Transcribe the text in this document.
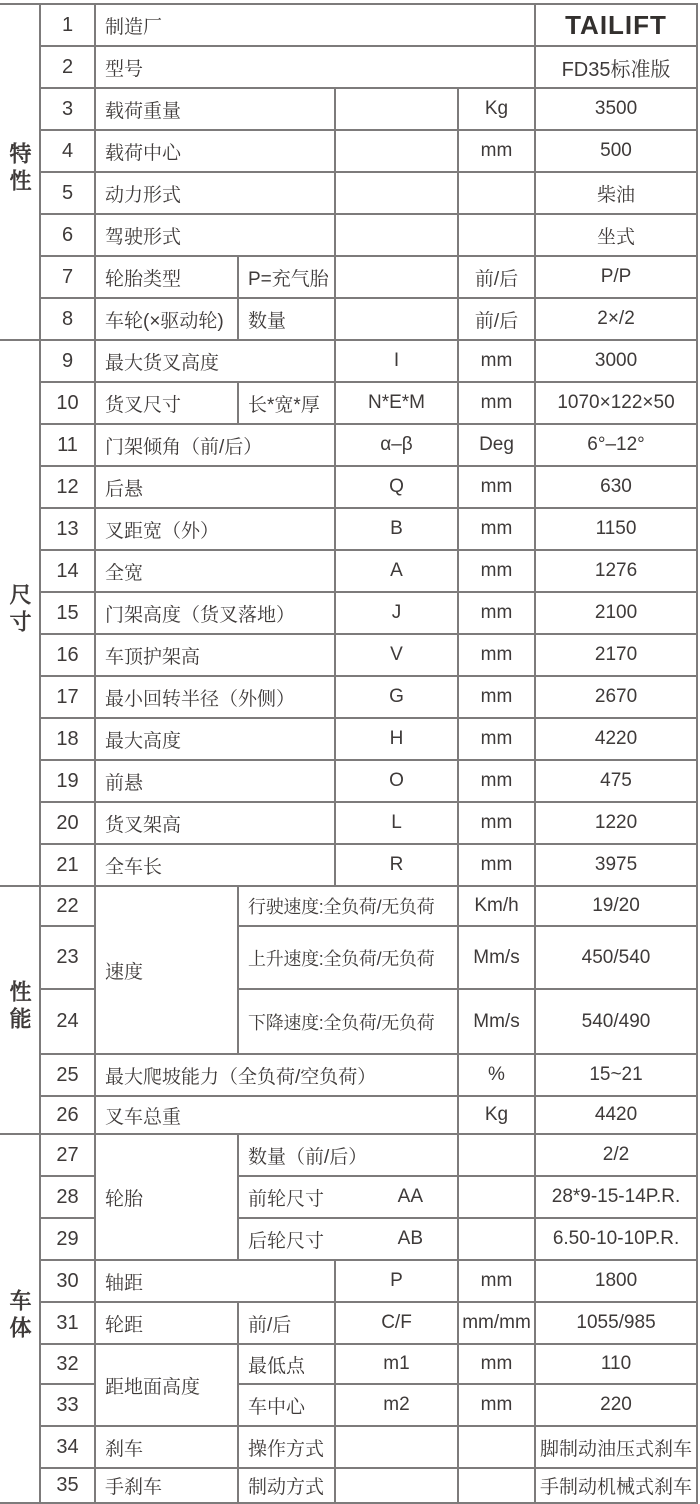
特性	1	制造厂				TAILIFT
	2	型号				FD35标准版
	3	载荷重量			Kg	3500
	4	载荷中心			mm	500
	5	动力形式				柴油
	6	驾驶形式				坐式
	7	轮胎类型	P=充气胎		前/后	P/P
	8	车轮(×驱动轮)	数量		前/后	2×/2
尺寸	9	最大货叉高度		I	mm	3000
	10	货叉尺寸	长*宽*厚	N*E*M	mm	1070×122×50
	11	门架倾角（前/后）		α–β	Deg	6°–12°
	12	后悬		Q	mm	630
	13	叉距宽（外）		B	mm	1150
	14	全宽		A	mm	1276
	15	门架高度（货叉落地）		J	mm	2100
	16	车顶护架高		V	mm	2170
	17	最小回转半径（外侧）		G	mm	2670
	18	最大高度		H	mm	4220
	19	前悬		O	mm	475
	20	货叉架高		L	mm	1220
	21	全车长		R	mm	3975
性能	22	速度	行驶速度:全负荷/无负荷		Km/h	19/20
	23		上升速度:全负荷/无负荷		Mm/s	450/540
	24		下降速度:全负荷/无负荷		Mm/s	540/490
	25	最大爬坡能力（全负荷/空负荷）			%	15~21
	26	叉车总重			Kg	4420
车体	27	轮胎	数量（前/后）			2/2
	28		前轮尺寸 AA			28*9-15-14P.R.
	29		后轮尺寸 AB			6.50-10-10P.R.
	30	轴距		P	mm	1800
	31	轮距	前/后	C/F	mm/mm	1055/985
	32	距地面高度	最低点	m1	mm	110
	33		车中心	m2	mm	220
	34	刹车	操作方式			脚制动油压式刹车
	35	手刹车	制动方式			手制动机械式刹车
